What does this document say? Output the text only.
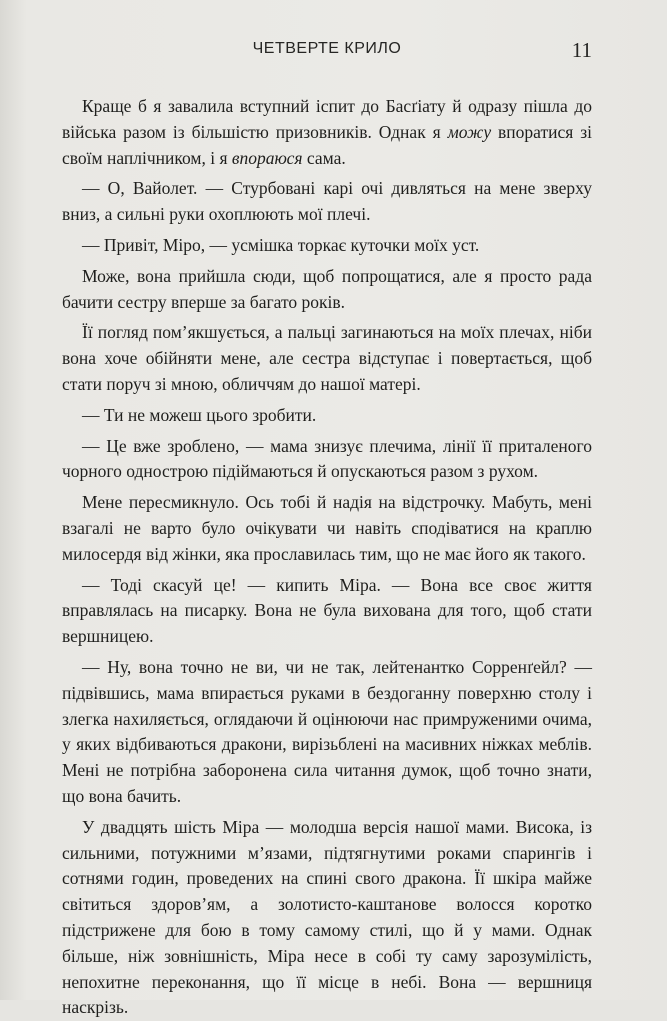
ЧЕТВЕРТЕ КРИЛО	11

Краще б я завалила вступний іспит до Басґіату й одразу пішла до війська разом із більшістю призовників. Однак я можу впоратися зі своїм наплічником, і я впораюся сама.

— О, Вайолет. — Стурбовані карі очі дивляться на мене зверху вниз, а сильні руки охоплюють мої плечі.

— Привіт, Міро, — усмішка торкає куточки моїх уст.

Може, вона прийшла сюди, щоб попрощатися, але я просто рада бачити сестру вперше за багато років.

Її погляд пом’якшується, а пальці загинаються на моїх плечах, ніби вона хоче обійняти мене, але сестра відступає і повертається, щоб стати поруч зі мною, обличчям до нашої матері.

— Ти не можеш цього зробити.

— Це вже зроблено, — мама знизує плечима, лінії її приталеного чорного однострою підіймаються й опускаються разом з рухом.

Мене пересмикнуло. Ось тобі й надія на відстрочку. Мабуть, мені взагалі не варто було очікувати чи навіть сподіватися на краплю милосердя від жінки, яка прославилась тим, що не має його як такого.

— Тоді скасуй це! — кипить Міра. — Вона все своє життя вправлялась на писарку. Вона не була вихована для того, щоб стати вершницею.

— Ну, вона точно не ви, чи не так, лейтенантко Сорренґейл? — підвівшись, мама впирається руками в бездоганну поверхню столу і злегка нахиляється, оглядаючи й оцінюючи нас примруженими очима, у яких відбиваються дракони, вирізьблені на масивних ніжках меблів. Мені не потрібна заборонена сила читання думок, щоб точно знати, що вона бачить.

У двадцять шість Міра — молодша версія нашої мами. Висока, із сильними, потужними м’язами, підтягнутими роками спарингів і сотнями годин, проведених на спині свого дракона. Її шкіра майже світиться здоров’ям, а золотисто-каштанове волосся коротко підстрижене для бою в тому самому стилі, що й у мами. Однак більше, ніж зовнішність, Міра несе в собі ту саму зарозумілість, непохитне переконання, що її місце в небі. Вона — вершниця наскрізь.
